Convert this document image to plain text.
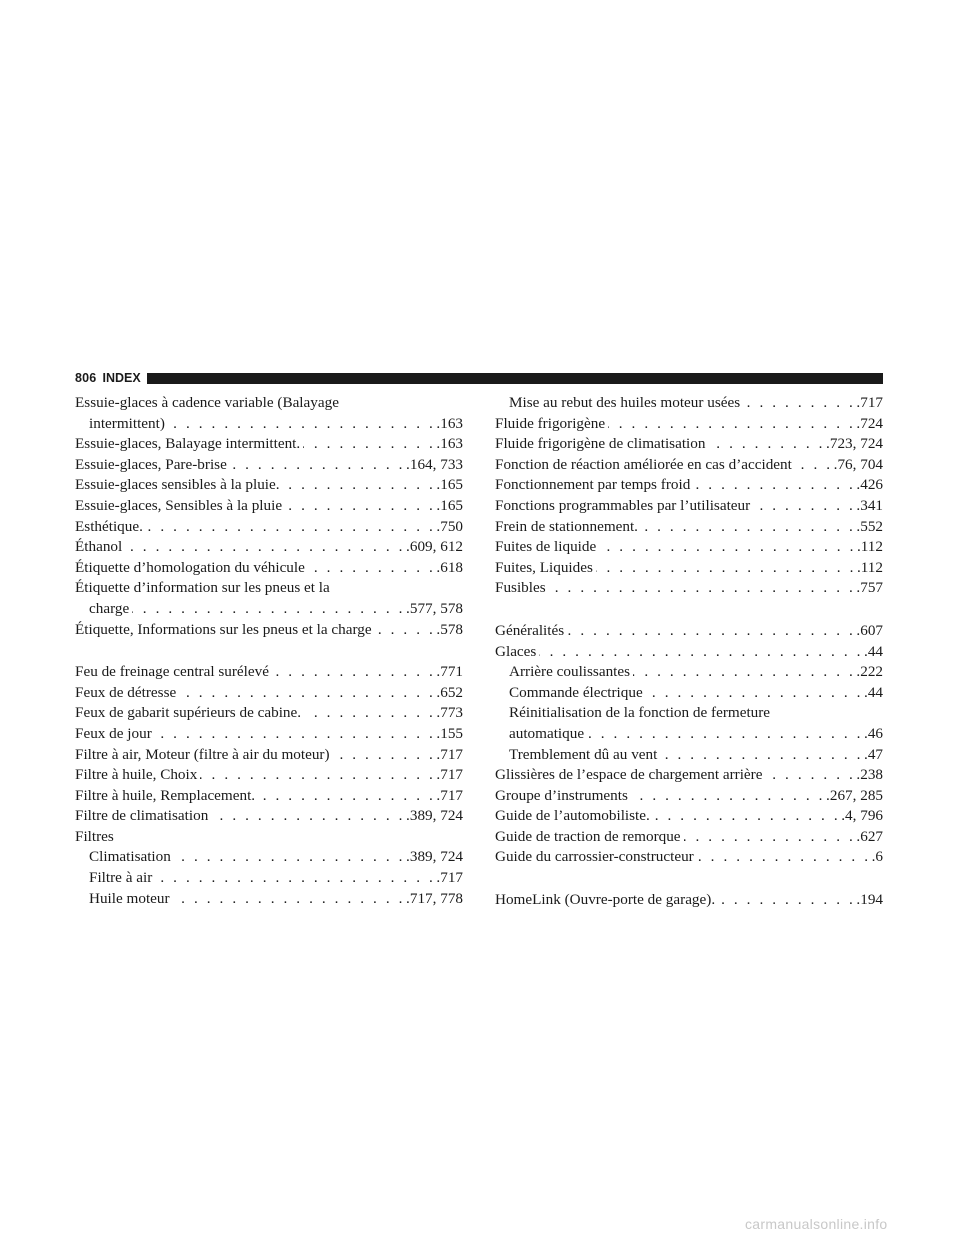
806 INDEX
Essuie-glaces à cadence variable (Balayage
intermittent) . . .	.163
Essuie-glaces, Balayage intermittent. . . .	.163
Essuie-glaces, Pare-brise . . .	.164, 733
Essuie-glaces sensibles à la pluie. . . .	.165
Essuie-glaces, Sensibles à la pluie . . .	.165
Esthétique. . . .	.750
Éthanol . . .	.609, 612
Étiquette d’homologation du véhicule . . .	.618
Étiquette d’information sur les pneus et la
charge . . .	.577, 578
Étiquette, Informations sur les pneus et la charge . . .	.578
Feu de freinage central surélevé . . .	.771
Feux de détresse . . .	.652
Feux de gabarit supérieurs de cabine. . . .	.773
Feux de jour . . .	.155
Filtre à air, Moteur (filtre à air du moteur) . . .	.717
Filtre à huile, Choix . . .	.717
Filtre à huile, Remplacement. . . .	.717
Filtre de climatisation . . .	.389, 724
Filtres
Climatisation . . .	.389, 724
Filtre à air . . .	.717
Huile moteur . . .	.717, 778
Mise au rebut des huiles moteur usées . . .	.717
Fluide frigorigène . . .	.724
Fluide frigorigène de climatisation . . .	.723, 724
Fonction de réaction améliorée en cas d’accident . . .	.76, 704
Fonctionnement par temps froid . . .	.426
Fonctions programmables par l’utilisateur . . .	.341
Frein de stationnement. . . .	.552
Fuites de liquide . . .	.112
Fuites, Liquides . . .	.112
Fusibles . . .	.757
Généralités . . .	.607
Glaces . . .	.44
Arrière coulissantes . . .	.222
Commande électrique . . .	.44
Réinitialisation de la fonction de fermeture
automatique . . .	.46
Tremblement dû au vent . . .	.47
Glissières de l’espace de chargement arrière . . .	.238
Groupe d’instruments . . .	.267, 285
Guide de l’automobiliste. . . .	.4, 796
Guide de traction de remorque . . .	.627
Guide du carrossier-constructeur . . .	.6
HomeLink (Ouvre-porte de garage). . . .	.194
carmanualsonline.info
